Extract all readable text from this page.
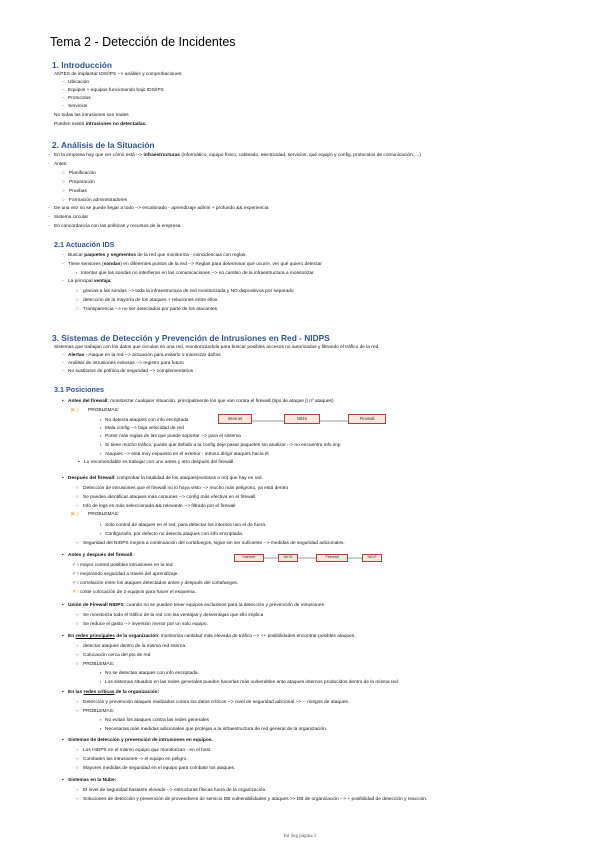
Tema 2 - Detección de Incidentes
1. Introducción
ANTES de implantar IDS/IPS --> análisis y comprobaciones:
◦ Ubicación
◦ Equipos + equipos funcionando bajo IDS/IPS
◦ Protocolos
◦ Servicios
No todas las intrusiones son reales
Pueden existir intrusiones no detectadas.
2. Análisis de la Situación
◦ En la empresa hay que ver cómo está --> infraestructuras (informático, equipo físico, cableado, electricidad, servicios, qué equipo y config, protocolos de comunicación, ...)
◦ Antes:
○ Planificación
○ Preparación
○ Pruebas
○ Formación administradores
◦ De una vez no se puede llegar a todo --> escalonado - aprendizaje admin + profundo && experiencia
◦ Sistema circular
◦ En concordancia con las políticas y recursos de la empresa
2.1 Actuación IDS
◦ Buscar paquetes y segmentos de la red que monitoriza - coincidencias con reglas.
◦ Tiene sensores (sondas) en diferentes puntos de la red --> Reglas para determinar qué ocurre, ver qué quiero detectar
▪ Intentar que las sondas no interfieran en las comunicaciones --> no cambio de la infraestructura a monitorizar.
◦ La principal ventaja:
○ gracias a las sondas --> toda la infraestructura de red monitorizada y NO dispositivos por separado
○ detección de la mayoría de los ataques + relaciones entre ellos.
○ Transparencia --> no ser detectados por parte de los atacantes.
3. Sistemas de Detección y Prevención de Intrusiones en Red - NIDPS
Sistemas que trabajan con los datos que circulan en una red, monitorizándola para buscar posibles accesos no autorizados y filtrando el tráfico de la red.
◦ Alertas - Ataque en la red --> actuación para evitarlo o minimizar daños
◦ Análisis de intrusiones exitosas --> registro para futuro
◦ No sustitutos de política de seguridad --> complementarios
3.1 Posiciones
• Antes del firewall: monitorizar cualquier situación, principalmente los que van contra el firewall (tipo de ataque || nº ataques)
✕○ PROBLEMAS:
▪ No detecta ataques con info encriptada
▪ Mala config --> baja velocidad de red
▪ Poner más reglas de las que puede soportar --> para el sistema
▪ Si tiene mucho tráfico, puede que debido a la config deje pasar paquetes sin analizar --> no encuentra info imp
▪ Ataques --> está muy expuesto en el exterior - intruso dirigir ataques hacia él
• Lo recomendable es trabajar con uno antes y otro después del firewall.
Internet	NIDS	Firewall
• Después del firewall: comprobar la totalidad de los ataques(exitosos o no) que hay en red.
○ Detección de intrusiones que el firewall no lo haya visto --> mucho más peligroso, ya está dentro
○ Se pueden identificar ataques más comunes --> config más efectiva en el firewall
○ Info de logs es más seleccionada && relevante --> filtrado por el firewall
✕○ PROBLEMAS:
▪ Solo control de ataques en el red, para detectar los intentos uso el de fuera.
▪ Configurarlo, por defecto no detecta ataques con info encriptada.
○ Seguridad del NIDPS mejora a continuación del cortafuegos, sigue sin ser suficiente --> medidas de seguridad adicionales.
• Antes y después del firewall:
✓○mayor control posibles intrusiones en la red
✓○mejorando seguridad a través del aprendizaje.
✓○correlación entre los ataques detectados antes y después del cortafuegos.
✕○coste colocación de 2 equipos para hacer el esquema.
Internet	NIDS	Firewall	NIDS
• Unión de Firewall NIDPS: cuando no se pueden tener equipos exclusivos para la detección y prevención de intrusiones
○ Se monitoriza todo el tráfico de la red con las ventajas y desventajas que ello implica
○ Se reduce el gasto --> inversión menor por un solo equipo.
• En redes principales de la organización: monitoriza cantidad más elevada de tráfico --> ++ posibilidades encontrar posibles ataques.
○ detectar ataques dentro de la misma red interna.
○ Colocación cerca del pto de red
○ PROBLEMAS:
▪ No se detectan ataques con info encriptada.
▪ Los sistemas situados en las redes generales pueden hacerlas más vulnerables ante ataques internos producidos dentro de la misma red.
• En las redes críticas de la organización:
○ Detección y prevención ataques realizados contra los datos críticos --> nivel de seguridad adicional --> -- riesgos de ataques.
○ PROBLEMAS:
▪ No evitan los ataques contra las redes generales
▪ Necesarias más medidas adicionales que protejan a la infraestructura de red general de la organización.
• Sistemas de detección y prevención de intrusiones en equipos.
○ Los HIDPS en el mismo equipo que monitorizan - en el host
○ Combaten las intrusiones--> el equipo en peligro.
○ Mayores medidas de seguridad en el equipo para combatir los ataques.
• Sistemas en la Nube:
○ El nivel de seguridad bastante elevado --> estructuras físicas fuera de la organización.
○ Soluciones de detección y prevención de proveedores de servicio DB vulnerabilidades y ataques >> DB de organización --> + posibilidad de detección y reacción.
Int Seg página 1
